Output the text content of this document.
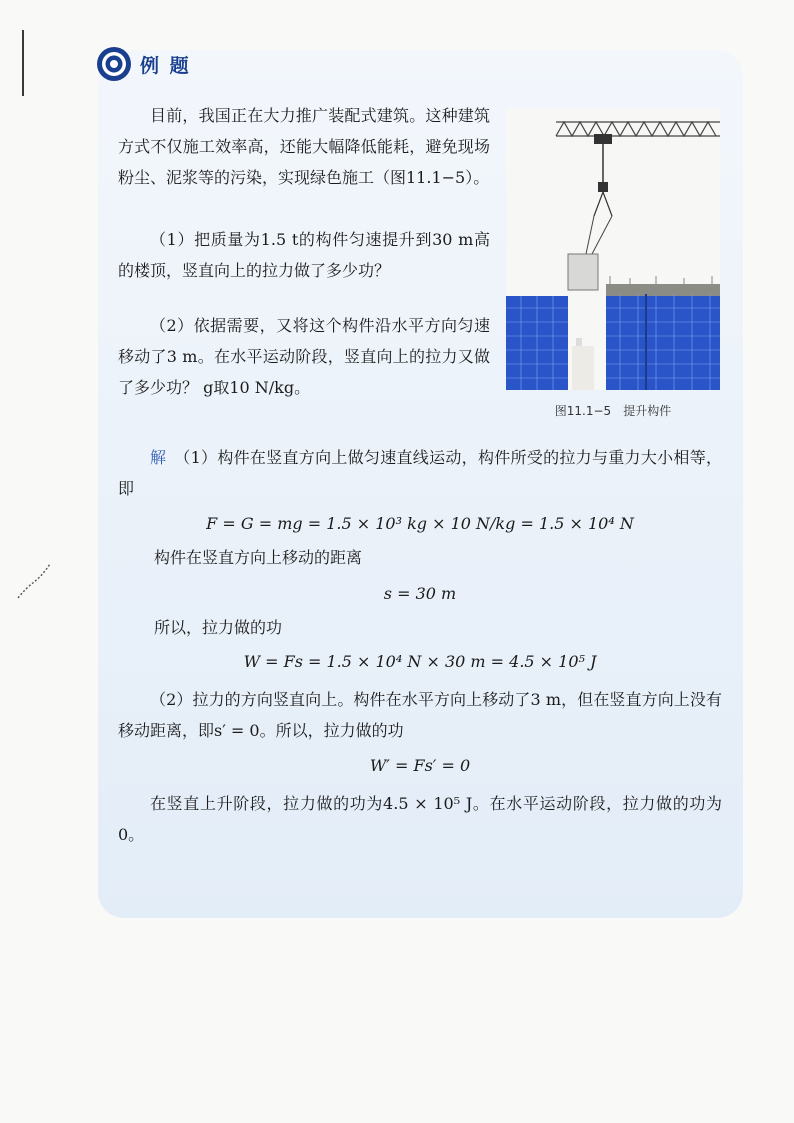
例 题

目前，我国正在大力推广装配式建筑。这种建筑方式不仅施工效率高，还能大幅降低能耗，避免现场粉尘、泥浆等的污染，实现绿色施工（图11.1−5）。

（1）把质量为1.5 t的构件匀速提升到30 m高的楼顶，竖直向上的拉力做了多少功？

（2）依据需要，又将这个构件沿水平方向匀速移动了3 m。在水平运动阶段，竖直向上的拉力又做了多少功？ g取10 N/kg。

图11.1−5　提升构件

解 （1）构件在竖直方向上做匀速直线运动，构件所受的拉力与重力大小相等，即

F = G = mg = 1.5 × 10³ kg × 10 N/kg = 1.5 × 10⁴ N
构件在竖直方向上移动的距离
s = 30 m
所以，拉力做的功
W = Fs = 1.5 × 10⁴ N × 30 m = 4.5 × 10⁵ J

（2）拉力的方向竖直向上。构件在水平方向上移动了3 m，但在竖直方向上没有移动距离，即s′ = 0。所以，拉力做的功

W′ = Fs′ = 0

在竖直上升阶段，拉力做的功为4.5 × 10⁵ J。在水平运动阶段，拉力做的功为0。
